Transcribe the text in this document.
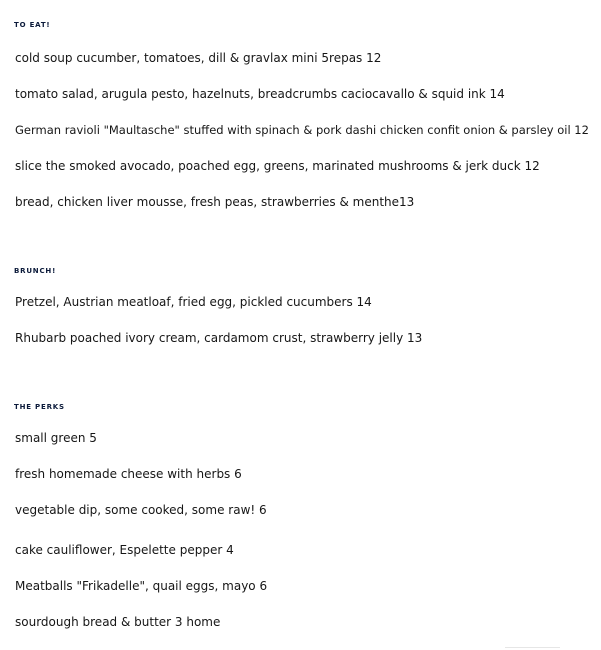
TO EAT!

cold soup cucumber, tomatoes, dill & gravlax mini 5repas 12

tomato salad, arugula pesto, hazelnuts, breadcrumbs caciocavallo & squid ink 14

German ravioli "Maultasche" stuffed with spinach & pork dashi chicken confit onion & parsley oil 12

slice the smoked avocado, poached egg, greens, marinated mushrooms & jerk duck 12

bread, chicken liver mousse, fresh peas, strawberries & menthe13

BRUNCH!

Pretzel, Austrian meatloaf, fried egg, pickled cucumbers 14

Rhubarb poached ivory cream, cardamom crust, strawberry jelly 13

THE PERKS

small green 5

fresh homemade cheese with herbs 6

vegetable dip, some cooked, some raw! 6

cake cauliflower, Espelette pepper 4

Meatballs "Frikadelle", quail eggs, mayo 6

sourdough bread & butter 3 home
